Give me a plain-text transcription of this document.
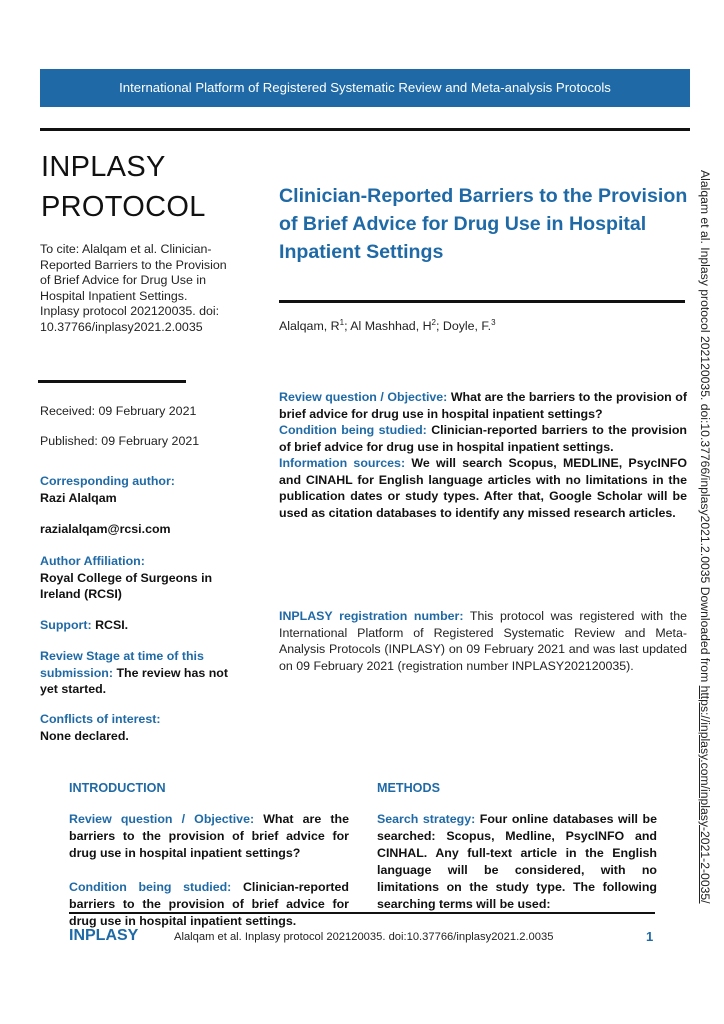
International Platform of Registered Systematic Review and Meta-analysis Protocols
INPLASY
PROTOCOL
To cite: Alalqam et al. Clinician-Reported Barriers to the Provision of Brief Advice for Drug Use in Hospital Inpatient Settings. Inplasy protocol 202120035. doi: 10.37766/inplasy2021.2.0035
Clinician-Reported Barriers to the Provision of Brief Advice for Drug Use in Hospital Inpatient Settings
Alalqam, $R^1$; Al Mashhad, $H^2$; Doyle, F.$^3$
Received: 09 February 2021
Published: 09 February 2021
Corresponding author:
Razi Alalqam
razialalqam@rcsi.com
Author Affiliation:
Royal College of Surgeons in Ireland (RCSI)
Support: RCSI.
Review Stage at time of this submission: The review has not yet started.
Conflicts of interest:
None declared.

Review question / Objective: What are the barriers to the provision of brief advice for drug use in hospital inpatient settings?

Condition being studied: Clinician-reported barriers to the provision of brief advice for drug use in hospital inpatient settings.

Information sources: We will search Scopus, MEDLINE, PsycINFO and CINAHL for English language articles with no limitations in the publication dates or study types. After that, Google Scholar will be used as citation databases to identify any missed research articles.

INPLASY registration number: This protocol was registered with the International Platform of Registered Systematic Review and Meta-Analysis Protocols (INPLASY) on 09 February 2021 and was last updated on 09 February 2021 (registration number INPLASY202120035).
INTRODUCTION	METHODS

Review question / Objective: What are the barriers to the provision of brief advice for drug use in hospital inpatient settings?

Condition being studied: Clinician-reported barriers to the provision of brief advice for drug use in hospital inpatient settings.

Search strategy: Four online databases will be searched: Scopus, Medline, PsycINFO and CINHAL. Any full-text article in the English language will be considered, with no limitations on the study type. The following searching terms will be used:

INPLASY	Alalqam et al. Inplasy protocol 202120035. doi:10.37766/inplasy2021.2.0035	1
Alalqam et al. Inplasy protocol 202120035. doi:10.37766/inplasy2021.2.0035 Downloaded from https://inplasy.com/inplasy-2021-2-0035/
